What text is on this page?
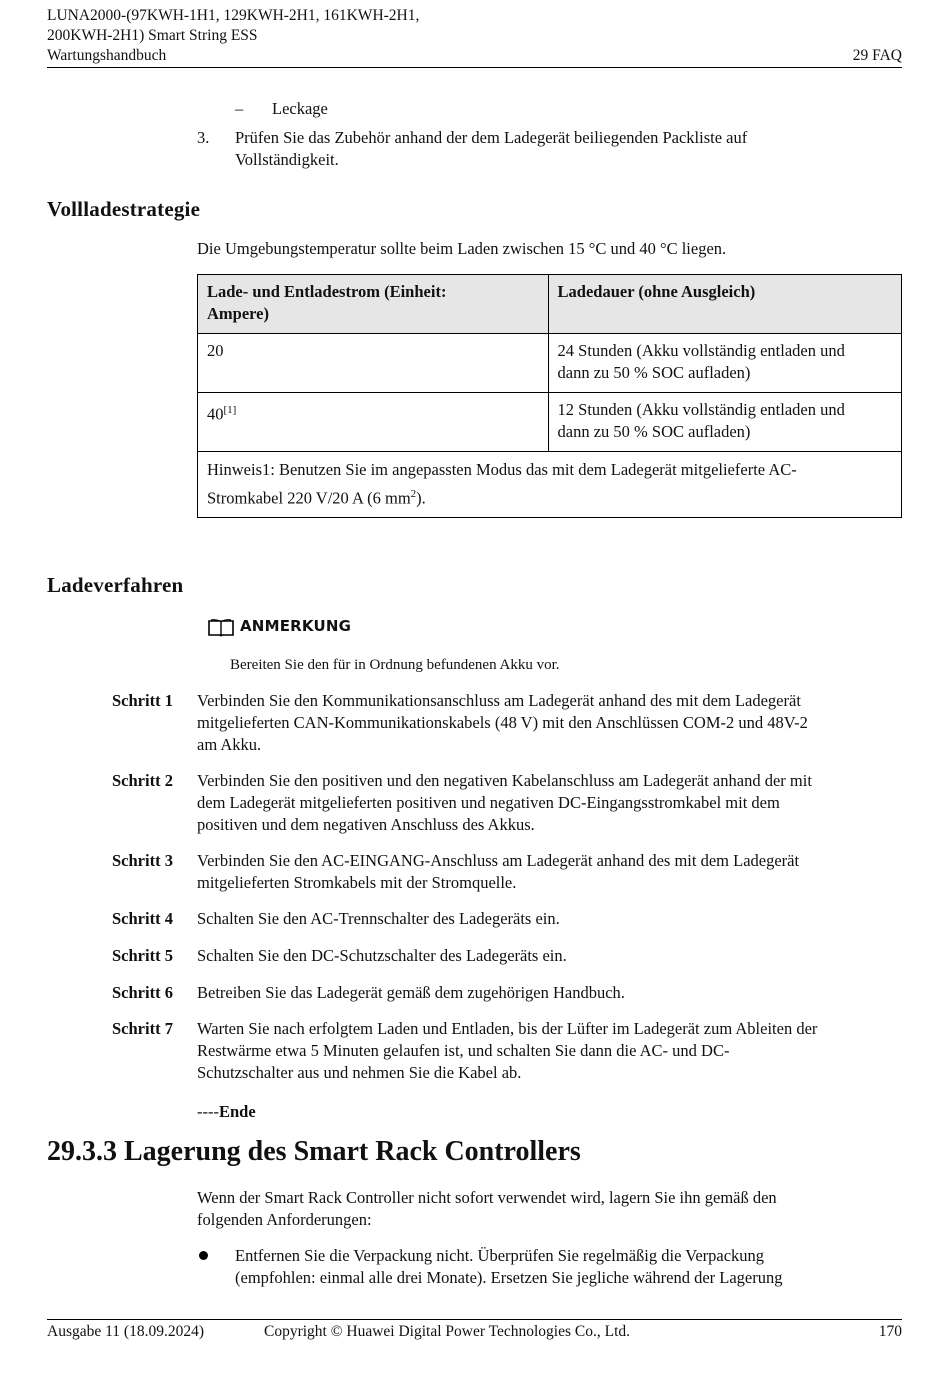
LUNA2000-(97KWH-1H1, 129KWH-2H1, 161KWH-2H1,
200KWH-2H1) Smart String ESS
Wartungshandbuch	29 FAQ
– Leckage
3. Prüfen Sie das Zubehör anhand der dem Ladegerät beiliegenden Packliste auf
Vollständigkeit.
Vollladestrategie
Die Umgebungstemperatur sollte beim Laden zwischen 15 °C und 40 °C liegen.
Lade- und Entladestrom (Einheit:
Ampere)	Ladedauer (ohne Ausgleich)
20	24 Stunden (Akku vollständig entladen und
dann zu 50 % SOC aufladen)

40[1]	12 Stunden (Akku vollständig entladen und
dann zu 50 % SOC aufladen)

Hinweis1: Benutzen Sie im angepassten Modus das mit dem Ladegerät mitgelieferte AC-
Stromkabel 220 V/20 A (6 $mm^2$).	
Ladeverfahren
ANMERKUNG
Bereiten Sie den für in Ordnung befundenen Akku vor.
Schritt 1 Verbinden Sie den Kommunikationsanschluss am Ladegerät anhand des mit dem Ladegerät
mitgelieferten CAN-Kommunikationskabels (48 V) mit den Anschlüssen COM-2 und 48V-2
am Akku.
Schritt 2 Verbinden Sie den positiven und den negativen Kabelanschluss am Ladegerät anhand der mit
dem Ladegerät mitgelieferten positiven und negativen DC-Eingangsstromkabel mit dem
positiven und dem negativen Anschluss des Akkus.
Schritt 3 Verbinden Sie den AC-EINGANG-Anschluss am Ladegerät anhand des mit dem Ladegerät
mitgelieferten Stromkabels mit der Stromquelle.
Schritt 4 Schalten Sie den AC-Trennschalter des Ladegeräts ein.
Schritt 5 Schalten Sie den DC-Schutzschalter des Ladegeräts ein.
Schritt 6 Betreiben Sie das Ladegerät gemäß dem zugehörigen Handbuch.
Schritt 7 Warten Sie nach erfolgtem Laden und Entladen, bis der Lüfter im Ladegerät zum Ableiten der
Restwärme etwa 5 Minuten gelaufen ist, und schalten Sie dann die AC- und DC-
Schutzschalter aus und nehmen Sie die Kabel ab.
----Ende
29.3.3 Lagerung des Smart Rack Controllers
Wenn der Smart Rack Controller nicht sofort verwendet wird, lagern Sie ihn gemäß den
folgenden Anforderungen:
Entfernen Sie die Verpackung nicht. Überprüfen Sie regelmäßig die Verpackung
(empfohlen: einmal alle drei Monate). Ersetzen Sie jegliche während der Lagerung
Ausgabe 11 (18.09.2024)	Copyright © Huawei Digital Power Technologies Co., Ltd.	170
